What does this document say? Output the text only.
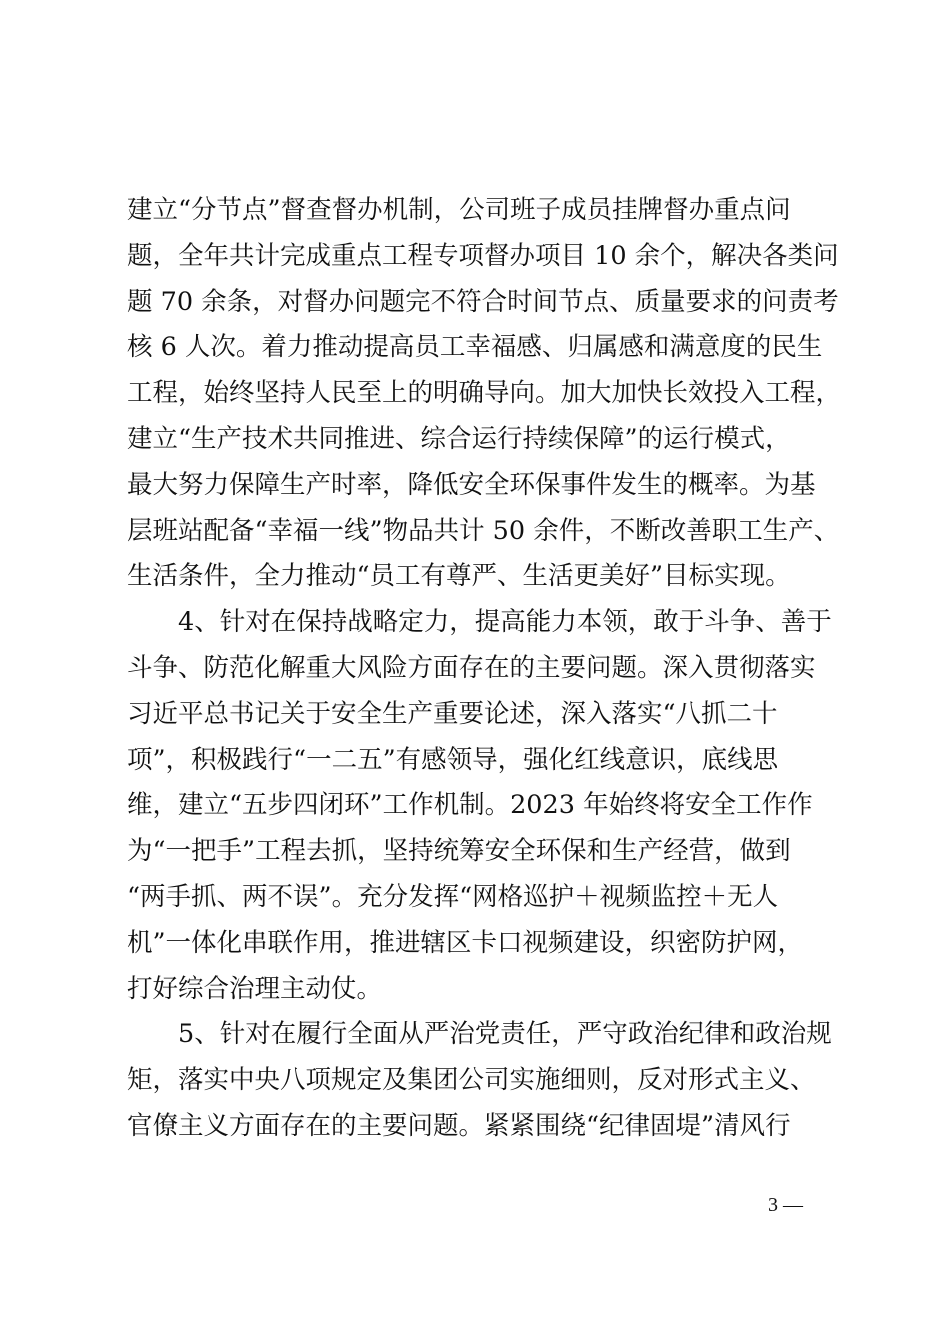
建立“分节点”督查督办机制，公司班子成员挂牌督办重点问
题，全年共计完成重点工程专项督办项目 10 余个，解决各类问
题 70 余条，对督办问题完不符合时间节点、质量要求的问责考
核 6 人次。着力推动提高员工幸福感、归属感和满意度的民生
工程，始终坚持人民至上的明确导向。加大加快长效投入工程，
建立“生产技术共同推进、综合运行持续保障”的运行模式，
最大努力保障生产时率，降低安全环保事件发生的概率。为基
层班站配备“幸福一线”物品共计 50 余件，不断改善职工生产、
生活条件，全力推动“员工有尊严、生活更美好”目标实现。
4、针对在保持战略定力，提高能力本领，敢于斗争、善于
斗争、防范化解重大风险方面存在的主要问题。深入贯彻落实
习近平总书记关于安全生产重要论述，深入落实“八抓二十
项”，积极践行“一二五”有感领导，强化红线意识，底线思
维，建立“五步四闭环”工作机制。2023 年始终将安全工作作
为“一把手”工程去抓，坚持统筹安全环保和生产经营，做到
“两手抓、两不误”。充分发挥“网格巡护＋视频监控＋无人
机”一体化串联作用，推进辖区卡口视频建设，织密防护网，
打好综合治理主动仗。
5、针对在履行全面从严治党责任，严守政治纪律和政治规
矩，落实中央八项规定及集团公司实施细则，反对形式主义、
官僚主义方面存在的主要问题。紧紧围绕“纪律固堤”清风行
3 —
